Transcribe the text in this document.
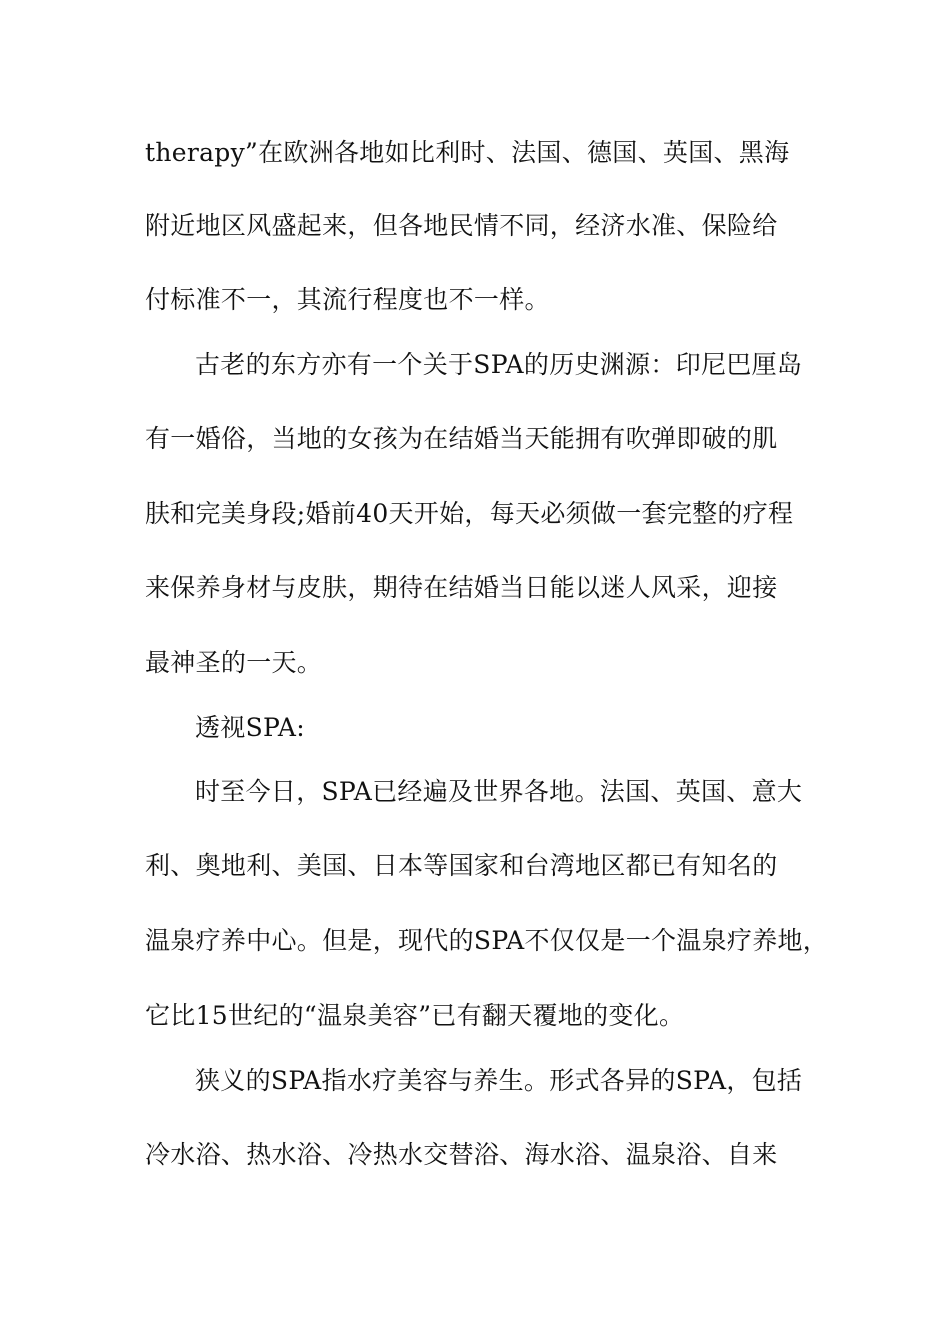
therapy”在欧洲各地如比利时、法国、德国、英国、黑海
附近地区风盛起来，但各地民情不同，经济水准、保险给
付标准不一，其流行程度也不一样。
古老的东方亦有一个关于SPA的历史渊源：印尼巴厘岛
有一婚俗，当地的女孩为在结婚当天能拥有吹弹即破的肌
肤和完美身段;婚前40天开始，每天必须做一套完整的疗程
来保养身材与皮肤，期待在结婚当日能以迷人风采，迎接
最神圣的一天。
透视SPA:
时至今日，SPA已经遍及世界各地。法国、英国、意大
利、奥地利、美国、日本等国家和台湾地区都已有知名的
温泉疗养中心。但是，现代的SPA不仅仅是一个温泉疗养地，
它比15世纪的“温泉美容”已有翻天覆地的变化。
狭义的SPA指水疗美容与养生。形式各异的SPA，包括
冷水浴、热水浴、冷热水交替浴、海水浴、温泉浴、自来
